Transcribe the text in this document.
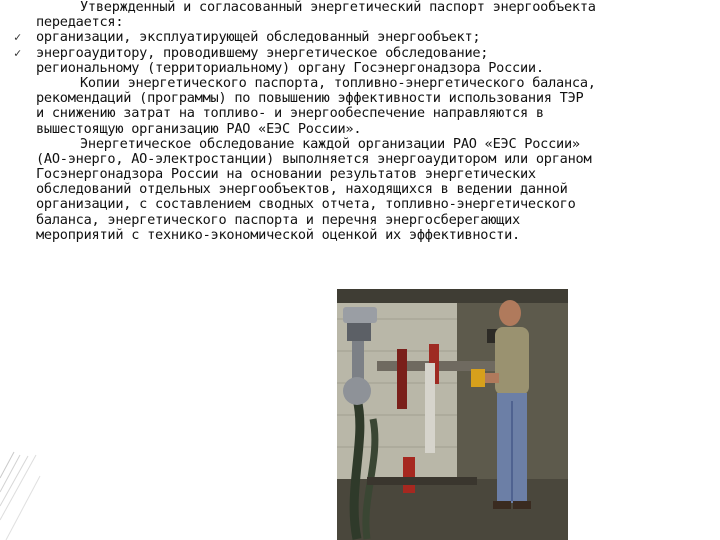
Утвержденный и согласованный энергетический паспорт энергообъекта
передается:
✓ организации, эксплуатирующей обследованный энергообъект;
✓ энергоаудитору, проводившему энергетическое обследование;
региональному (территориальному) органу Госэнергонадзора России.
Копии энергетического паспорта, топливно-энергетического баланса,
рекомендаций (программы) по повышению эффективности использования ТЭР
и снижению затрат на топливо- и энергообеспечение направляются в
вышестоящую организацию РАО «ЕЭС России».
Энергетическое обследование каждой организации РАО «ЕЭС России»
(АО-энерго, АО-электростанции) выполняется энергоаудитором или органом
Госэнергонадзора России на основании результатов энергетических
обследований отдельных энергообъектов, находящихся в ведении данной
организации, с составлением сводных отчета, топливно-энергетического
баланса, энергетического паспорта и перечня энергосберегающих
мероприятий с технико-экономической оценкой их эффективности.
